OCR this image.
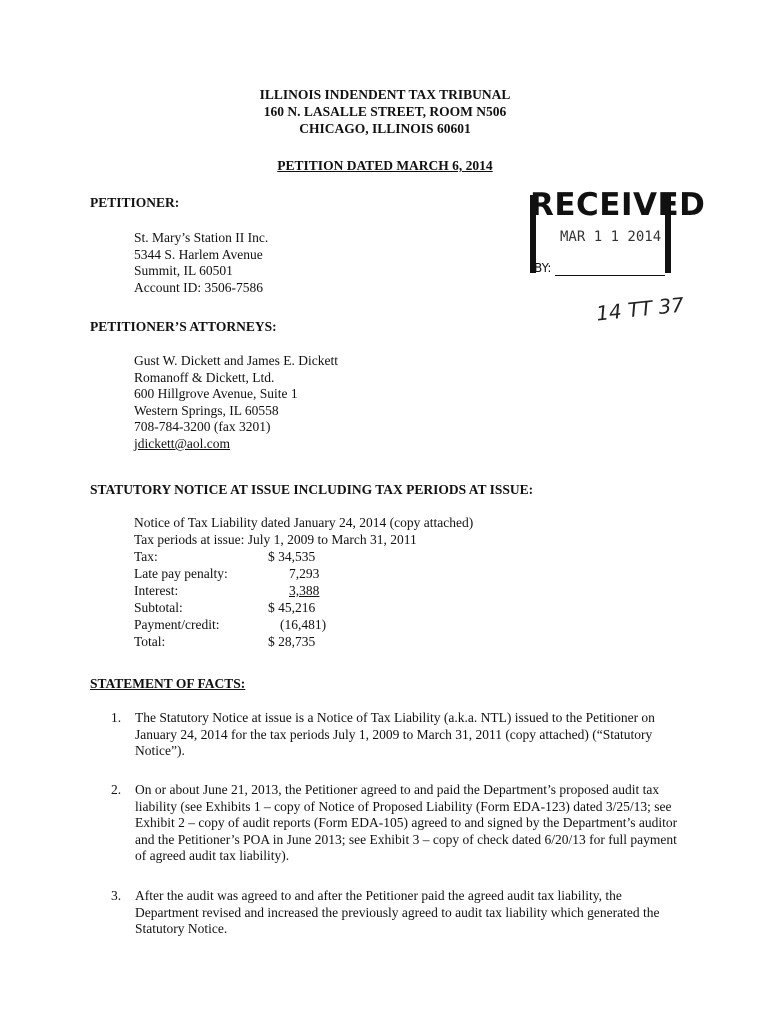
ILLINOIS INDENDENT TAX TRIBUNAL
160 N. LASALLE STREET, ROOM N506
CHICAGO, ILLINOIS 60601
PETITION DATED MARCH 6, 2014
RECEIVED
MAR 1 1 2014
BY:
14 TT 37
PETITIONER:
St. Mary’s Station II Inc.
5344 S. Harlem Avenue
Summit, IL 60501
Account ID: 3506-7586
PETITIONER’S ATTORNEYS:
Gust W. Dickett and James E. Dickett
Romanoff & Dickett, Ltd.
600 Hillgrove Avenue, Suite 1
Western Springs, IL 60558
708-784-3200 (fax 3201)
jdickett@aol.com
STATUTORY NOTICE AT ISSUE INCLUDING TAX PERIODS AT ISSUE:
Notice of Tax Liability dated January 24, 2014 (copy attached)
Tax periods at issue: July 1, 2009 to March 31, 2011
Tax:	$ 34,535
Late pay penalty:	7,293
Interest:	3,388
Subtotal:	$ 45,216
Payment/credit:	(16,481)
Total:	$ 28,735
STATEMENT OF FACTS:
1.	The Statutory Notice at issue is a Notice of Tax Liability (a.k.a. NTL) issued to the Petitioner on January 24, 2014 for the tax periods July 1, 2009 to March 31, 2011 (copy attached) (“Statutory Notice”).
2.	On or about June 21, 2013, the Petitioner agreed to and paid the Department’s proposed audit tax liability (see Exhibits 1 – copy of Notice of Proposed Liability (Form EDA-123) dated 3/25/13; see Exhibit 2 – copy of audit reports (Form EDA-105) agreed to and signed by the Department’s auditor and the Petitioner’s POA in June 2013; see Exhibit 3 – copy of check dated 6/20/13 for full payment of agreed audit tax liability).
3.	After the audit was agreed to and after the Petitioner paid the agreed audit tax liability, the Department revised and increased the previously agreed to audit tax liability which generated the Statutory Notice.
